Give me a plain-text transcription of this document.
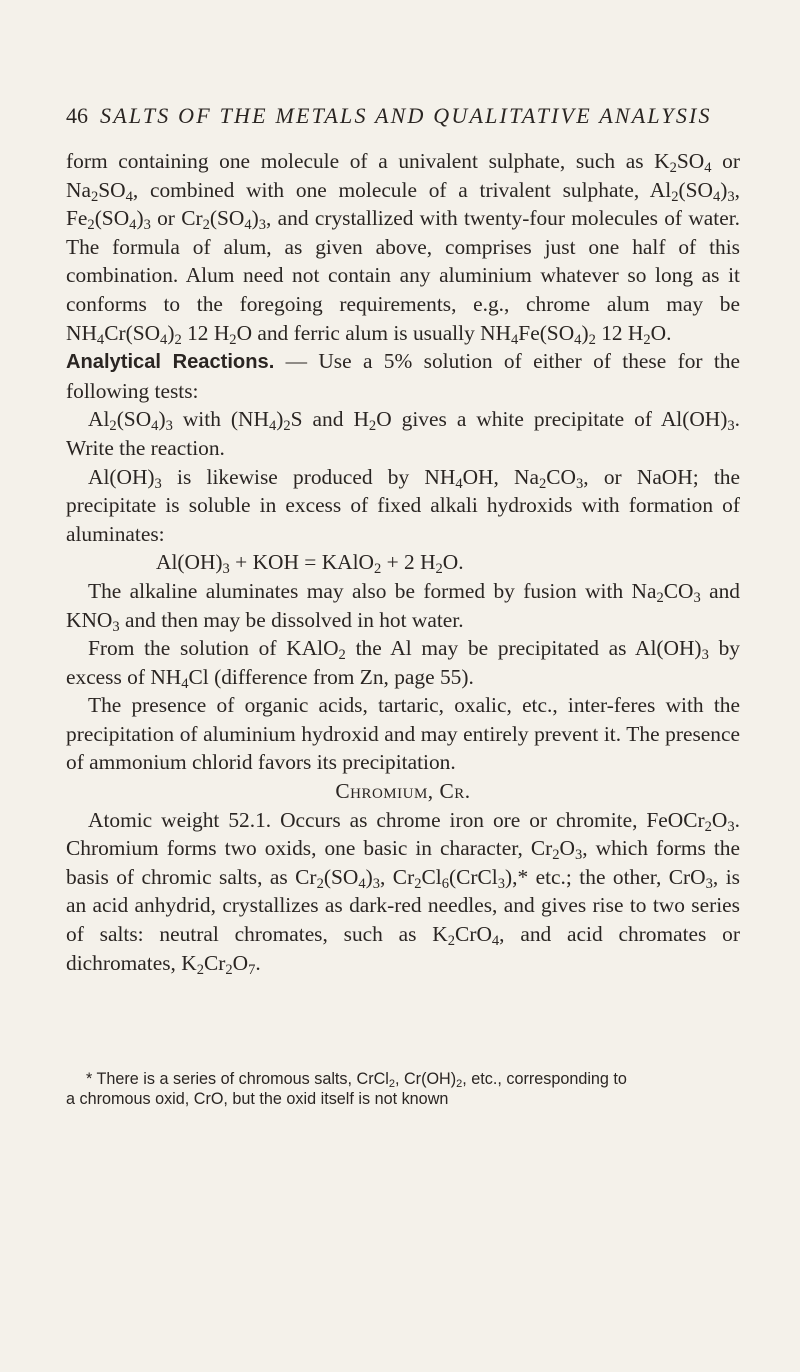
46 SALTS OF THE METALS AND QUALITATIVE ANALYSIS

form containing one molecule of a univalent sulphate, such as $K_2SO_4$ or $Na_2SO_4$, combined with one molecule of a trivalent sulphate, $Al_2(SO_4)_3$, $Fe_2(SO_4)_3$ or $Cr_2(SO_4)_3$, and crystallized with twenty-four molecules of water. The formula of alum, as given above, comprises just one half of this combination. Alum need not contain any aluminium whatever so long as it conforms to the foregoing requirements, e.g., chrome alum may be $NH_4Cr(SO_4)_2$ 12 $H_2O$ and ferric alum is usually $NH_4Fe(SO_4)_2$ 12 $H_2O$.

Analytical Reactions. — Use a 5% solution of either of these for the following tests:

$Al_2(SO_4)_3$ with $(NH_4)_2S$ and $H_2O$ gives a white precipitate of $Al(OH)_3$. Write the reaction.

$Al(OH)_3$ is likewise produced by $NH_4OH$, $Na_2CO_3$, or NaOH; the precipitate is soluble in excess of fixed alkali hydroxids with formation of aluminates:

$Al(OH)_3$ + KOH = KAlO$_2$ + 2 $H_2O$.

The alkaline aluminates may also be formed by fusion with $Na_2CO_3$ and $KNO_3$ and then may be dissolved in hot water.

From the solution of KAlO$_2$ the Al may be precipitated as $Al(OH)_3$ by excess of $NH_4Cl$ (difference from Zn, page 55).

The presence of organic acids, tartaric, oxalic, etc., inter-feres with the precipitation of aluminium hydroxid and may entirely prevent it. The presence of ammonium chlorid favors its precipitation.

Chromium, Cr.

Atomic weight 52.1. Occurs as chrome iron ore or chromite, $FeOCr_2O_3$. Chromium forms two oxids, one basic in character, $Cr_2O_3$, which forms the basis of chromic salts, as $Cr_2(SO_4)_3$, $Cr_2Cl_6(CrCl_3),*$ etc.; the other, CrO$_3$, is an acid anhydrid, crystallizes as dark-red needles, and gives rise to two series of salts: neutral chromates, such as $K_2CrO_4$, and acid chromates or dichromates, $K_2Cr_2O_7$.

* There is a series of chromous salts, CrCl$_2$, $Cr(OH)_2$, etc., corresponding to

a chromous oxid, CrO, but the oxid itself is not known
